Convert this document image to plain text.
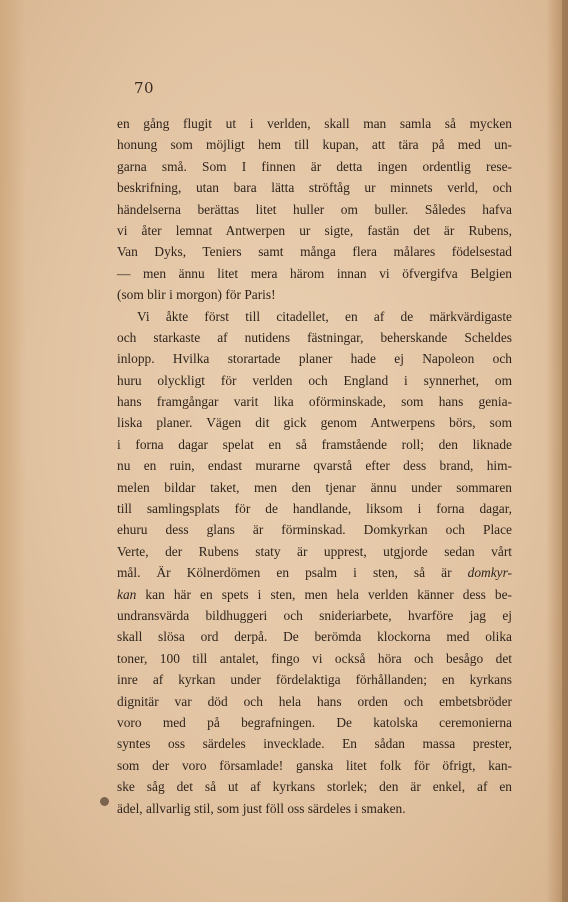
70
en gång flugit ut i verlden, skall man samla så mycken
honung som möjligt hem till kupan, att tära på med un-
garna små. Som I finnen är detta ingen ordentlig rese-
beskrifning, utan bara lätta ströftåg ur minnets verld, och
händelserna berättas litet huller om buller. Således hafva
vi åter lemnat Antwerpen ur sigte, fastän det är Rubens,
Van Dyks, Teniers samt många flera målares födelsestad
— men ännu litet mera härom innan vi öfvergifva Belgien
(som blir i morgon) för Paris!
Vi åkte först till citadellet, en af de märkvärdigaste
och starkaste af nutidens fästningar, beherskande Scheldes
inlopp. Hvilka storartade planer hade ej Napoleon och
huru olyckligt för verlden och England i synnerhet, om
hans framgångar varit lika oförminskade, som hans genia-
liska planer. Vägen dit gick genom Antwerpens börs, som
i forna dagar spelat en så framstående roll; den liknade
nu en ruin, endast murarne qvarstå efter dess brand, him-
melen bildar taket, men den tjenar ännu under sommaren
till samlingsplats för de handlande, liksom i forna dagar,
ehuru dess glans är förminskad. Domkyrkan och Place
Verte, der Rubens staty är upprest, utgjorde sedan vårt
mål. Är Kölnerdömen en psalm i sten, så är domkyr-
kan kan här en spets i sten, men hela verlden känner dess be-
undransvärda bildhuggeri och snideriarbete, hvarföre jag ej
skall slösa ord derpå. De berömda klockorna med olika
toner, 100 till antalet, fingo vi också höra och besågo det
inre af kyrkan under fördelaktiga förhållanden; en kyrkans
dignitär var död och hela hans orden och embetsbröder
voro med på begrafningen. De katolska ceremonierna
syntes oss särdeles invecklade. En sådan massa prester,
som der voro församlade! ganska litet folk för öfrigt, kan-
ske såg det så ut af kyrkans storlek; den är enkel, af en
ädel, allvarlig stil, som just föll oss särdeles i smaken.
